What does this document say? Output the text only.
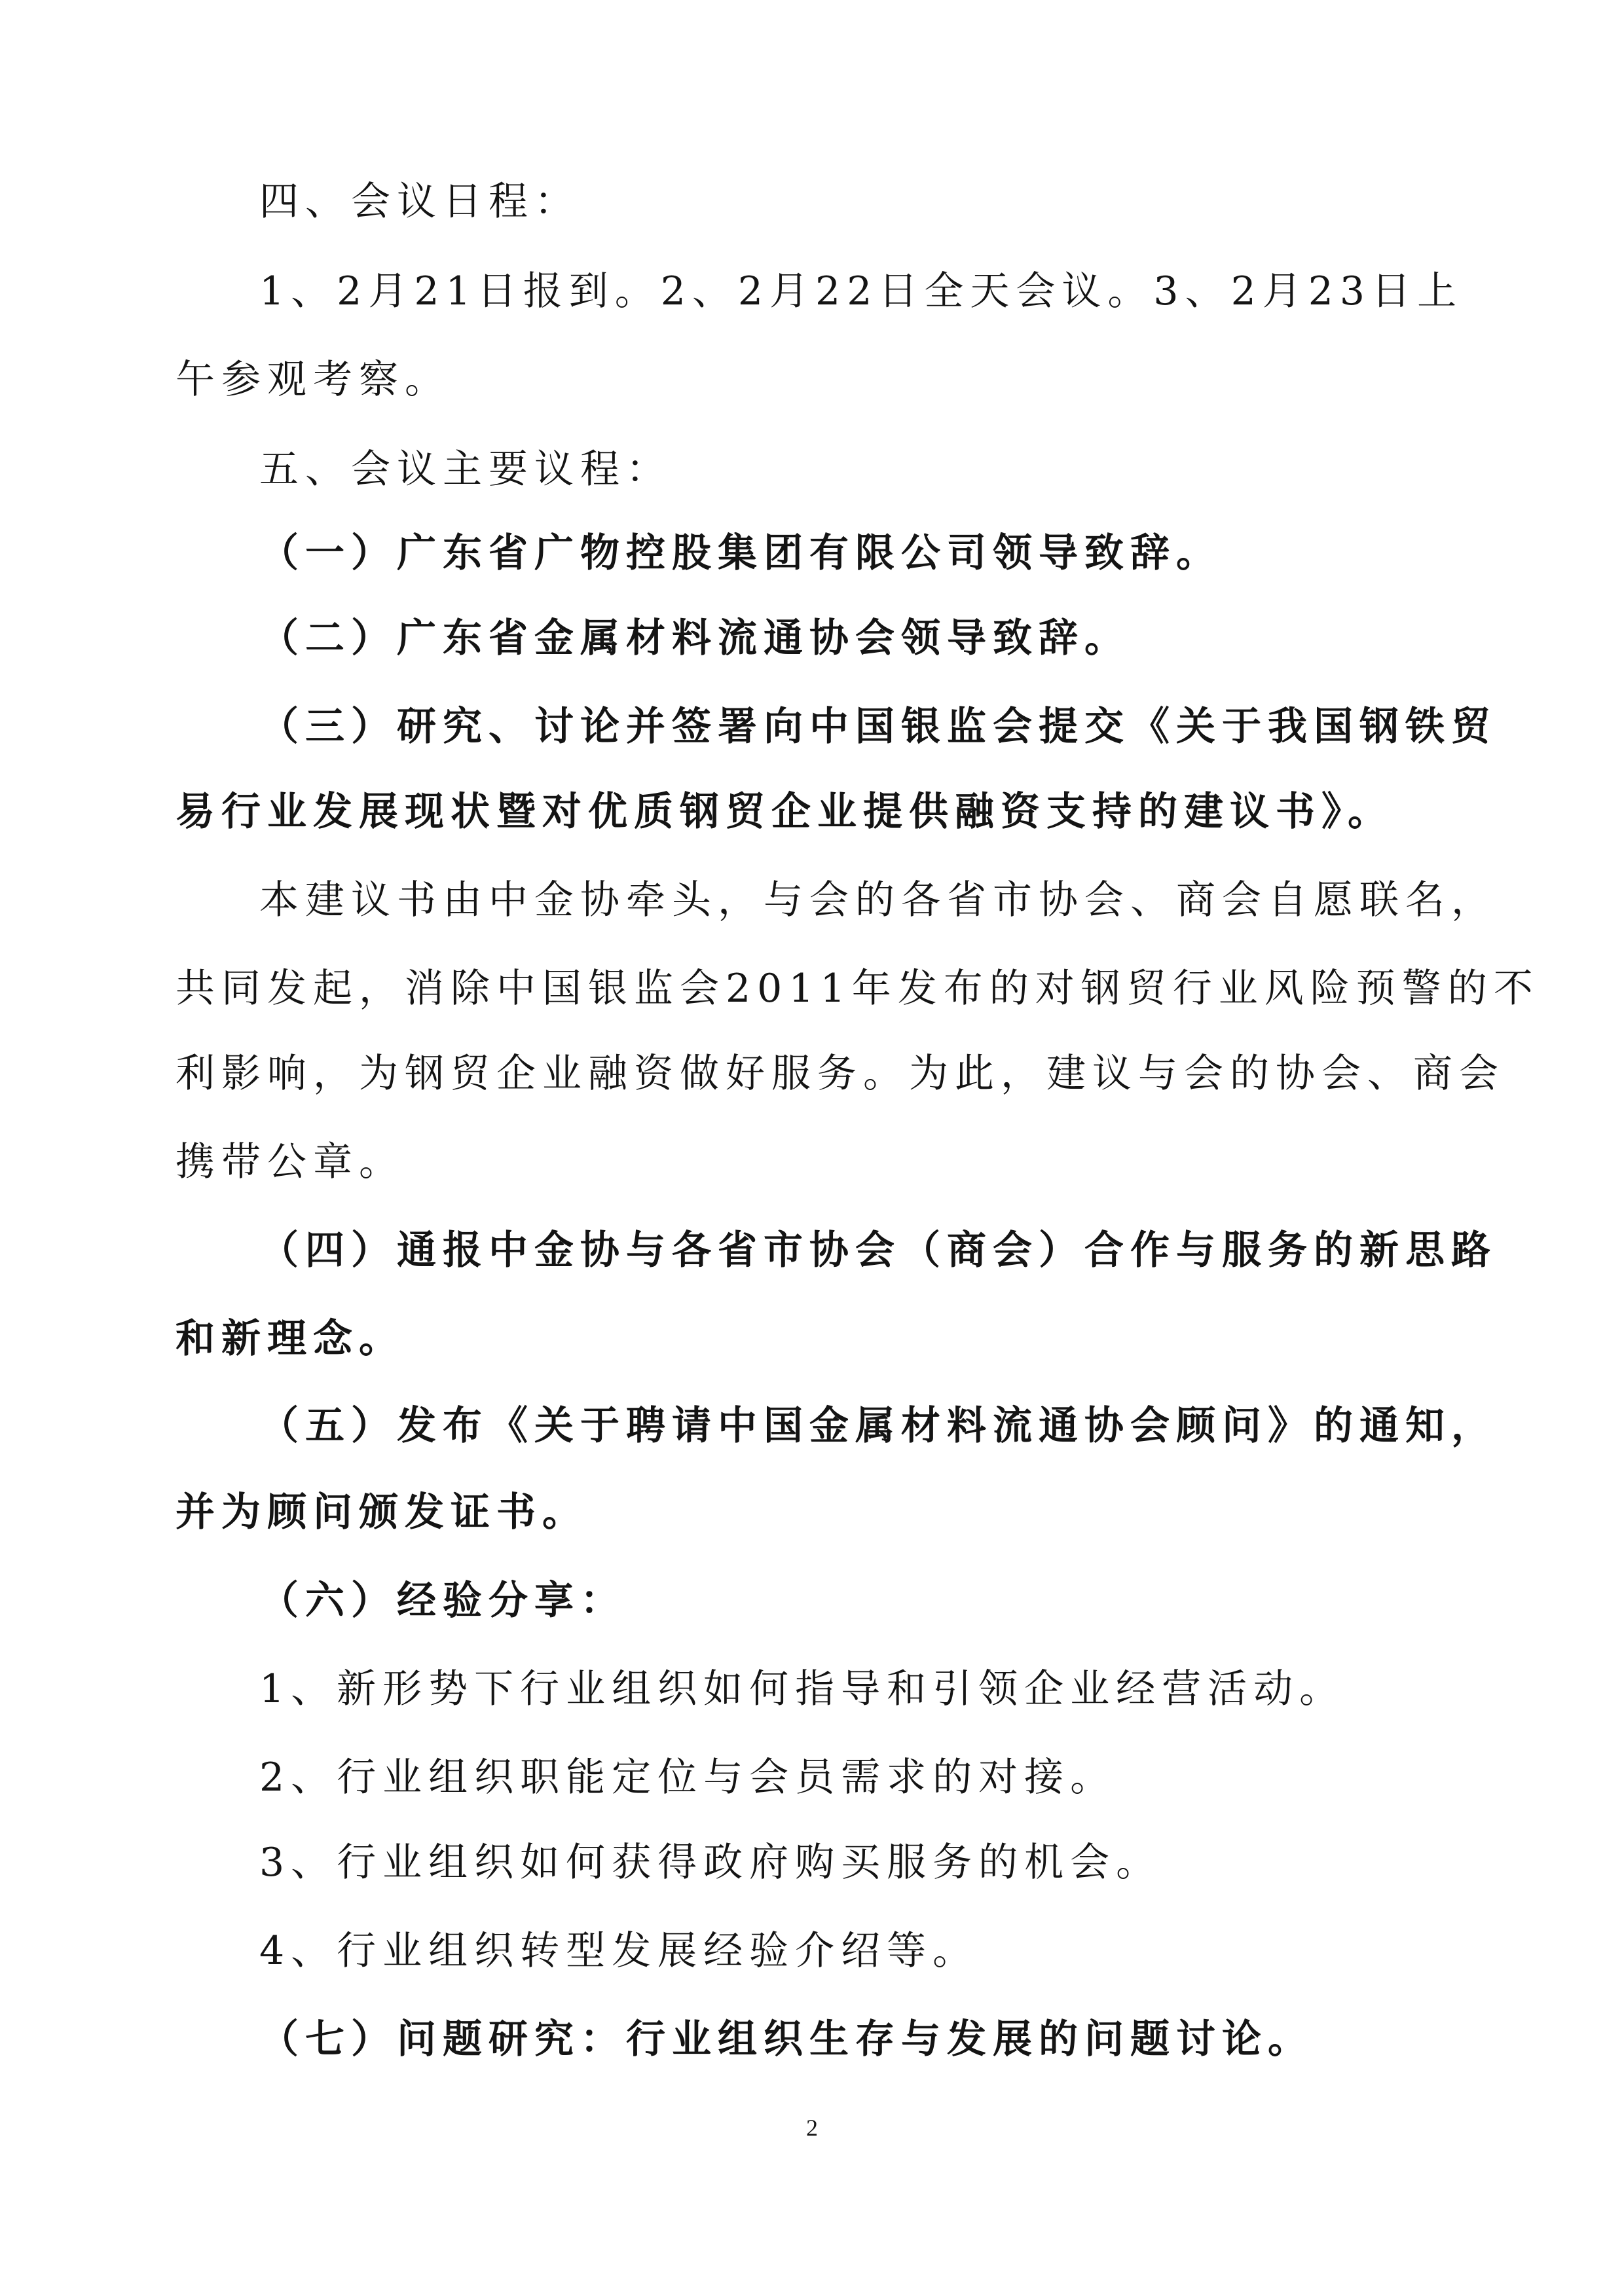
四、会议日程：
1、2月21日报到。 2、2月22日全天会议。 3、2月23日上
午参观考察。
五、会议主要议程：
（一）广东省广物控股集团有限公司领导致辞。
（二）广东省金属材料流通协会领导致辞。
（三）研究、讨论并签署向中国银监会提交《关于我国钢铁贸
易行业发展现状暨对优质钢贸企业提供融资支持的建议书》。
本建议书由中金协牵头，与会的各省市协会、商会自愿联名，
共同发起，消除中国银监会2011年发布的对钢贸行业风险预警的不
利影响，为钢贸企业融资做好服务。为此，建议与会的协会、商会
携带公章。
（四）通报中金协与各省市协会（商会）合作与服务的新思路
和新理念。
（五）发布《关于聘请中国金属材料流通协会顾问》的通知，
并为顾问颁发证书。
（六）经验分享：
1、新形势下行业组织如何指导和引领企业经营活动。
2、行业组织职能定位与会员需求的对接。
3、行业组织如何获得政府购买服务的机会。
4、行业组织转型发展经验介绍等。
（七）问题研究：行业组织生存与发展的问题讨论。
2
